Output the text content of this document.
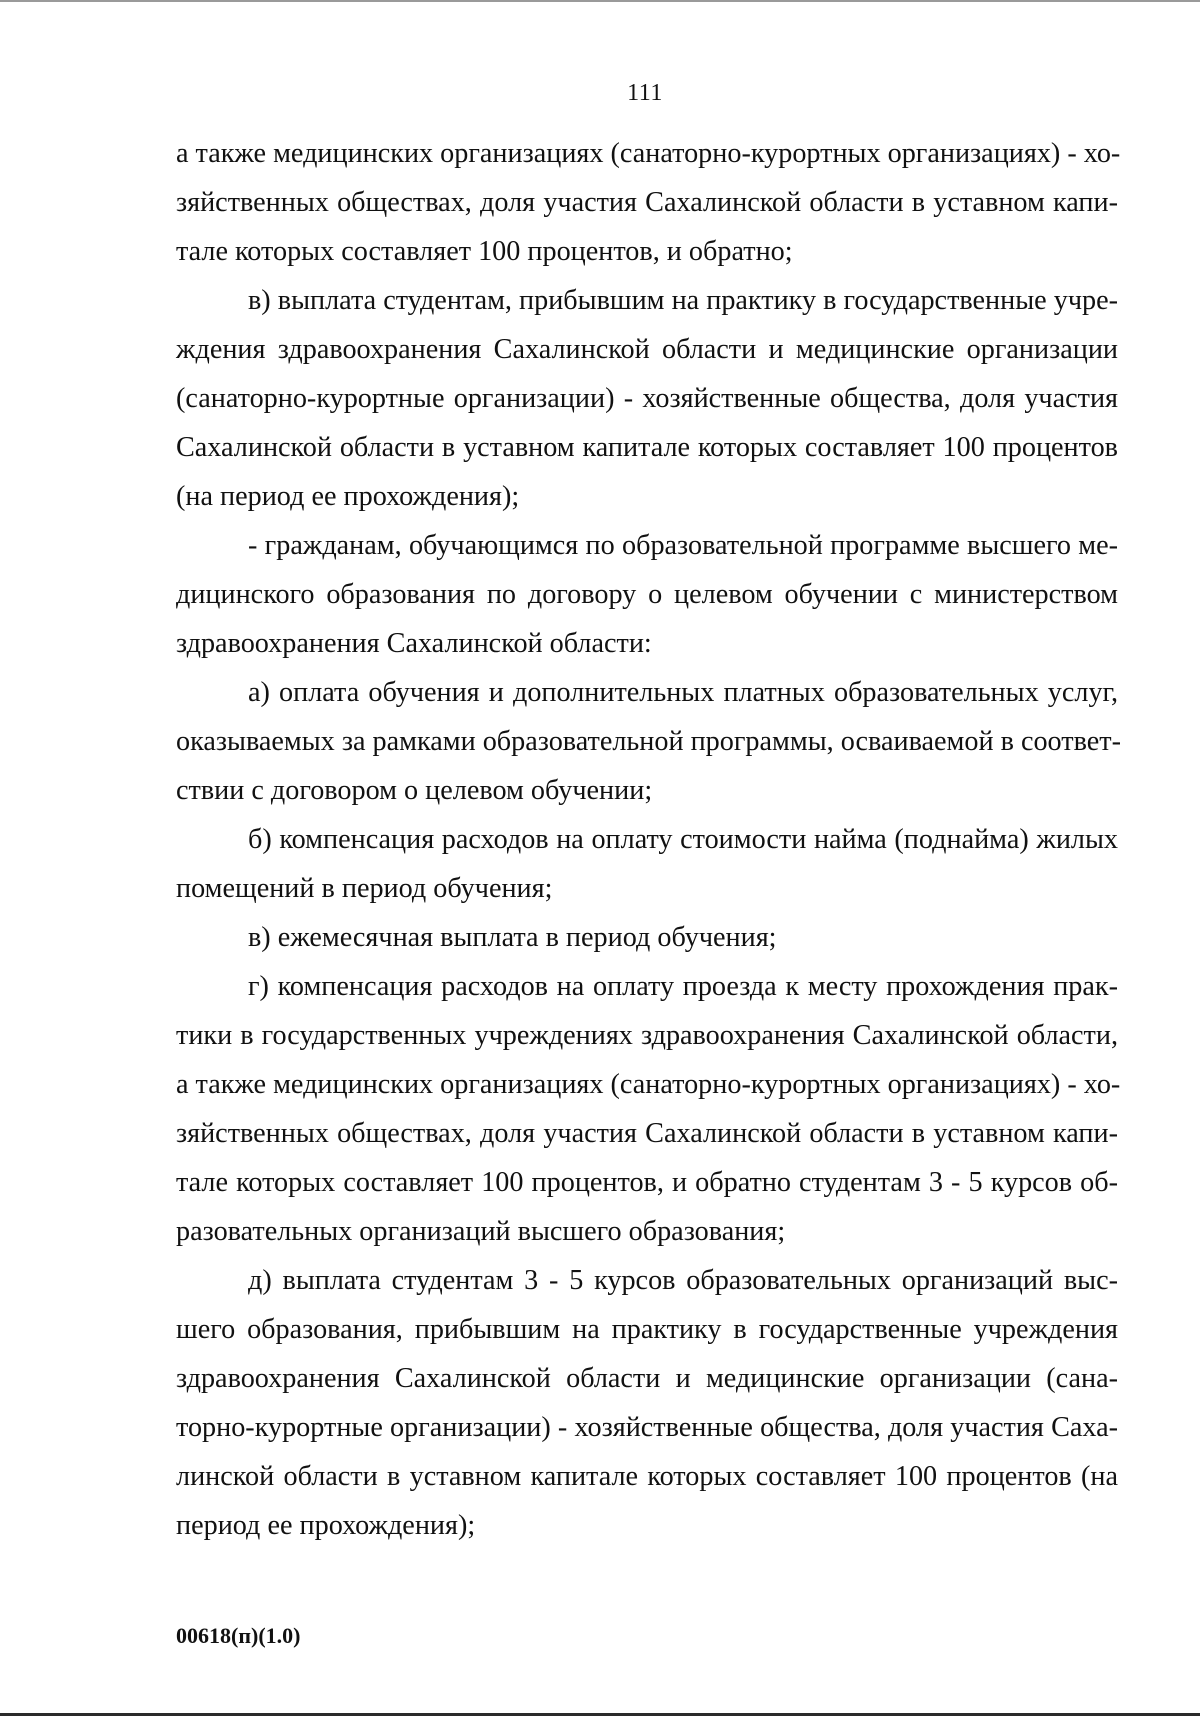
111
а также медицинских организациях (санаторно-курортных организациях) - хо-
зяйственных обществах, доля участия Сахалинской области в уставном капи-
тале которых составляет 100 процентов, и обратно;
в) выплата студентам, прибывшим на практику в государственные учре-
ждения здравоохранения Сахалинской области и медицинские организации
(санаторно-курортные организации) - хозяйственные общества, доля участия
Сахалинской области в уставном капитале которых составляет 100 процентов
(на период ее прохождения);
- гражданам, обучающимся по образовательной программе высшего ме-
дицинского образования по договору о целевом обучении с министерством
здравоохранения Сахалинской области:
а) оплата обучения и дополнительных платных образовательных услуг,
оказываемых за рамками образовательной программы, осваиваемой в соответ-
ствии с договором о целевом обучении;
б) компенсация расходов на оплату стоимости найма (поднайма) жилых
помещений в период обучения;
в) ежемесячная выплата в период обучения;
г) компенсация расходов на оплату проезда к месту прохождения прак-
тики в государственных учреждениях здравоохранения Сахалинской области,
а также медицинских организациях (санаторно-курортных организациях) - хо-
зяйственных обществах, доля участия Сахалинской области в уставном капи-
тале которых составляет 100 процентов, и обратно студентам 3 - 5 курсов об-
разовательных организаций высшего образования;
д) выплата студентам 3 - 5 курсов образовательных организаций выс-
шего образования, прибывшим на практику в государственные учреждения
здравоохранения Сахалинской области и медицинские организации (сана-
торно-курортные организации) - хозяйственные общества, доля участия Саха-
линской области в уставном капитале которых составляет 100 процентов (на
период ее прохождения);
00618(п)(1.0)
